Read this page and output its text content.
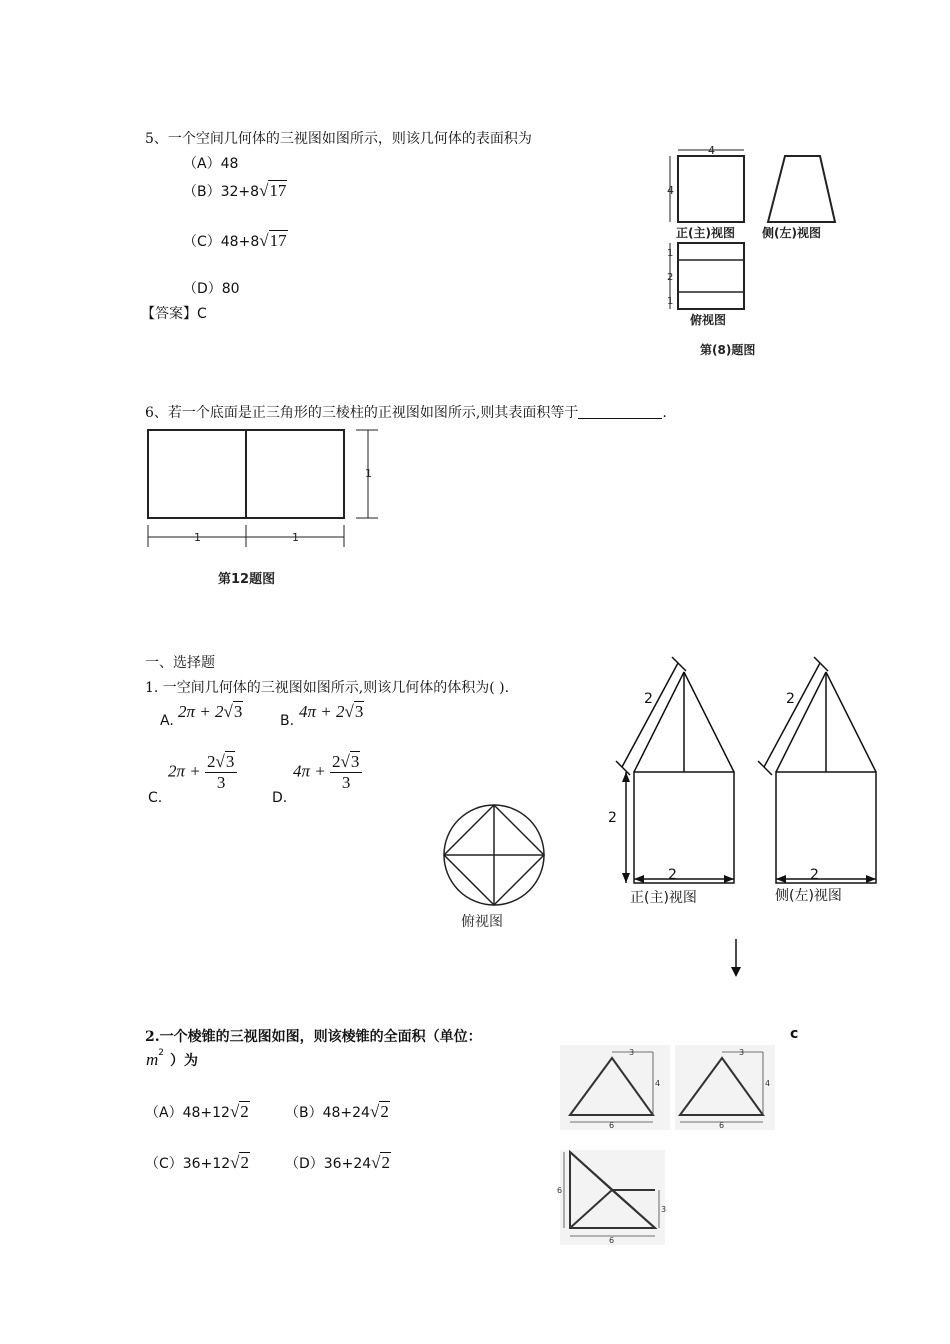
5、一个空间几何体的三视图如图所示，则该几何体的表面积为
（A）48
（B）32+8√17
（C）48+8√17
（D）80
【答案】C
4
4
正(主)视图 侧(左)视图
1
2
1
俯视图
第(8)题图
6、若一个底面是正三角形的三棱柱的正视图如图所示,则其表面积等于	.
1	1
1
第12题图
一、选择题
1. 一空间几何体的三视图如图所示,则该几何体的体积为( ).
A. 2π + 2√3	B. 4π + 2√3
C.
$2\pi + \frac{2√3}{3}$
D.
$4\pi + \frac{2√3}{3}$
俯视图
2	2
2
2	2
正(主)视图	侧(左)视图
2.一个棱锥的三视图如图，则该棱锥的全面积（单位：	c
$m^2$ ）为
（A）48+12√2	（B）48+24√2
（C）36+12√2	（D）36+24√2
3
4
6
3
4
6
6
3
6
